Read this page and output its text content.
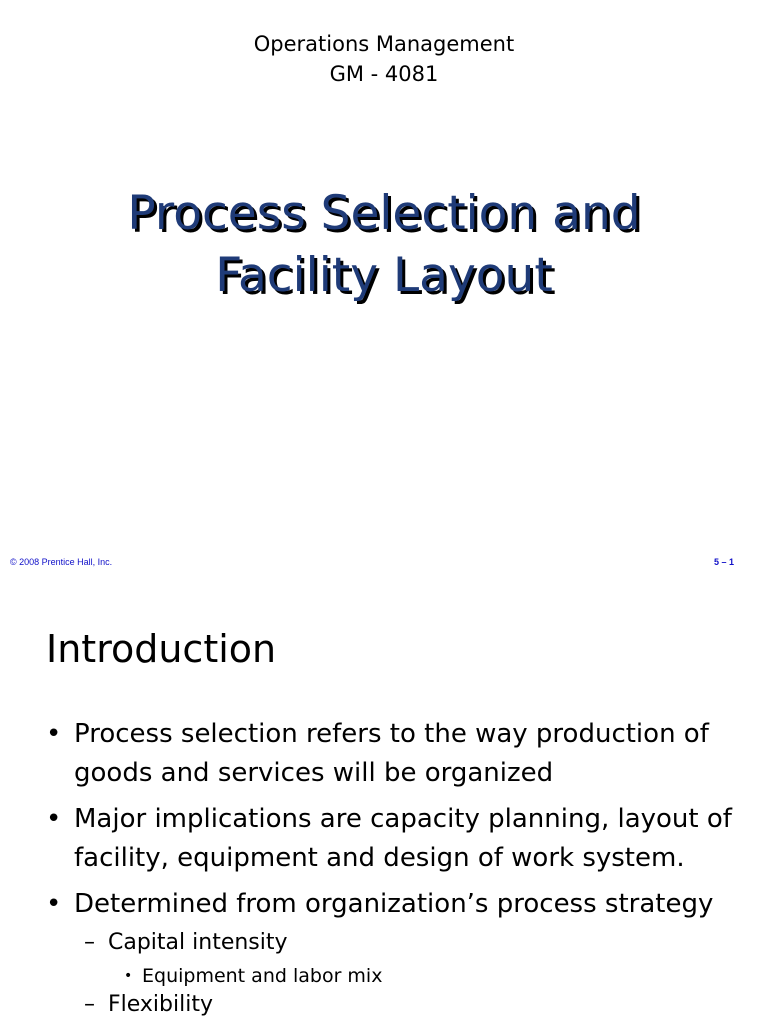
Operations Management
GM - 4081
Process Selection and
Facility Layout
© 2008 Prentice Hall, Inc.	5 – 1
Introduction
• Process selection refers to the way production of goods and services will be organized
• Major implications are capacity planning, layout of facility, equipment and design of work system.
• Determined from organization’s process strategy
– Capital intensity
• Equipment and labor mix
– Flexibility
